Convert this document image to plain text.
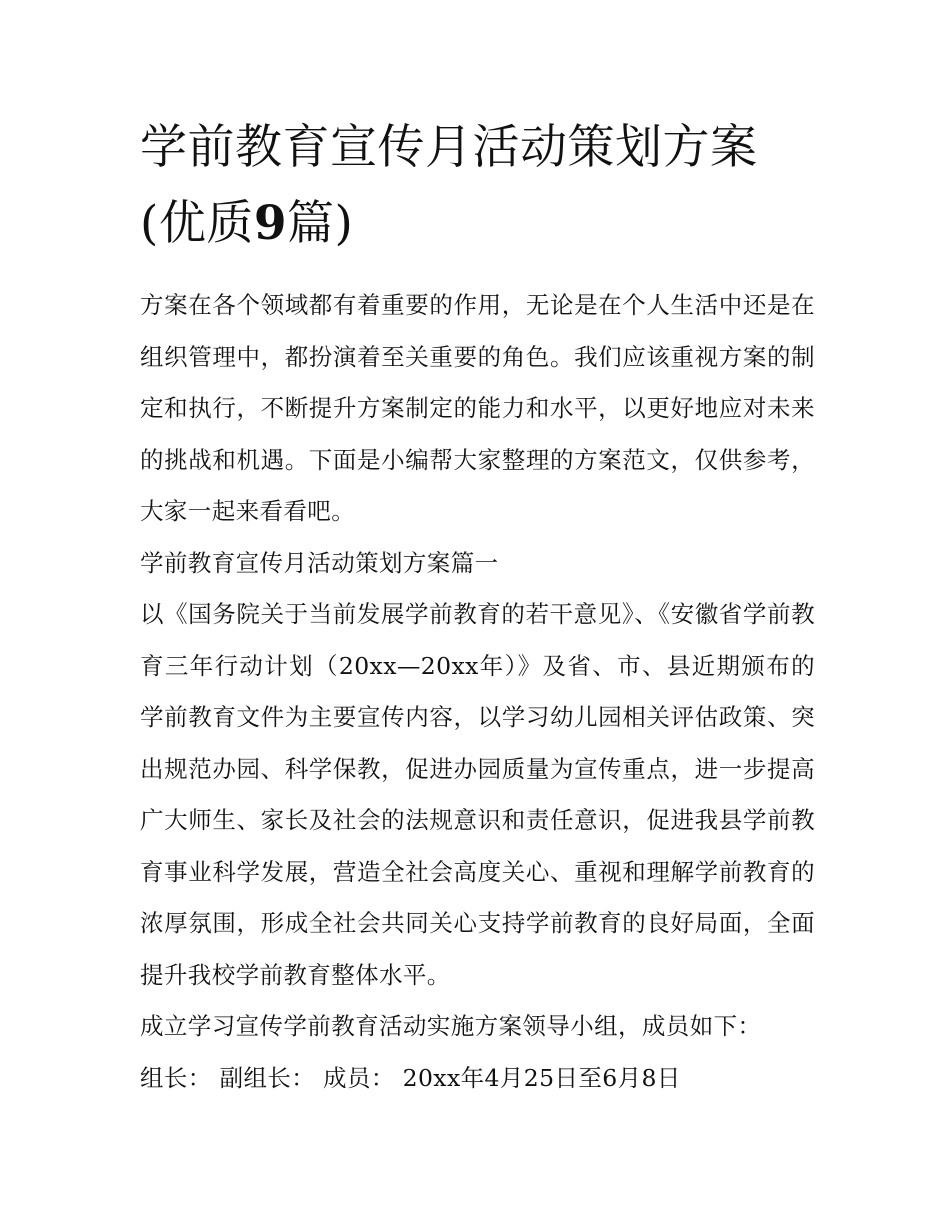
学前教育宣传月活动策划方案
(优质9篇)

方案在各个领域都有着重要的作用，无论是在个人生活中还是在组织管理中，都扮演着至关重要的角色。我们应该重视方案的制定和执行，不断提升方案制定的能力和水平，以更好地应对未来的挑战和机遇。下面是小编帮大家整理的方案范文，仅供参考，大家一起来看看吧。

学前教育宣传月活动策划方案篇一

以《国务院关于当前发展学前教育的若干意见》、《安徽省学前教育三年行动计划（20xx—20xx年）》及省、市、县近期颁布的学前教育文件为主要宣传内容，以学习幼儿园相关评估政策、突出规范办园、科学保教，促进办园质量为宣传重点，进一步提高广大师生、家长及社会的法规意识和责任意识，促进我县学前教育事业科学发展，营造全社会高度关心、重视和理解学前教育的浓厚氛围，形成全社会共同关心支持学前教育的良好局面，全面提升我校学前教育整体水平。

成立学习宣传学前教育活动实施方案领导小组，成员如下：

组长： 副组长： 成员： 20xx年4月25日至6月8日
